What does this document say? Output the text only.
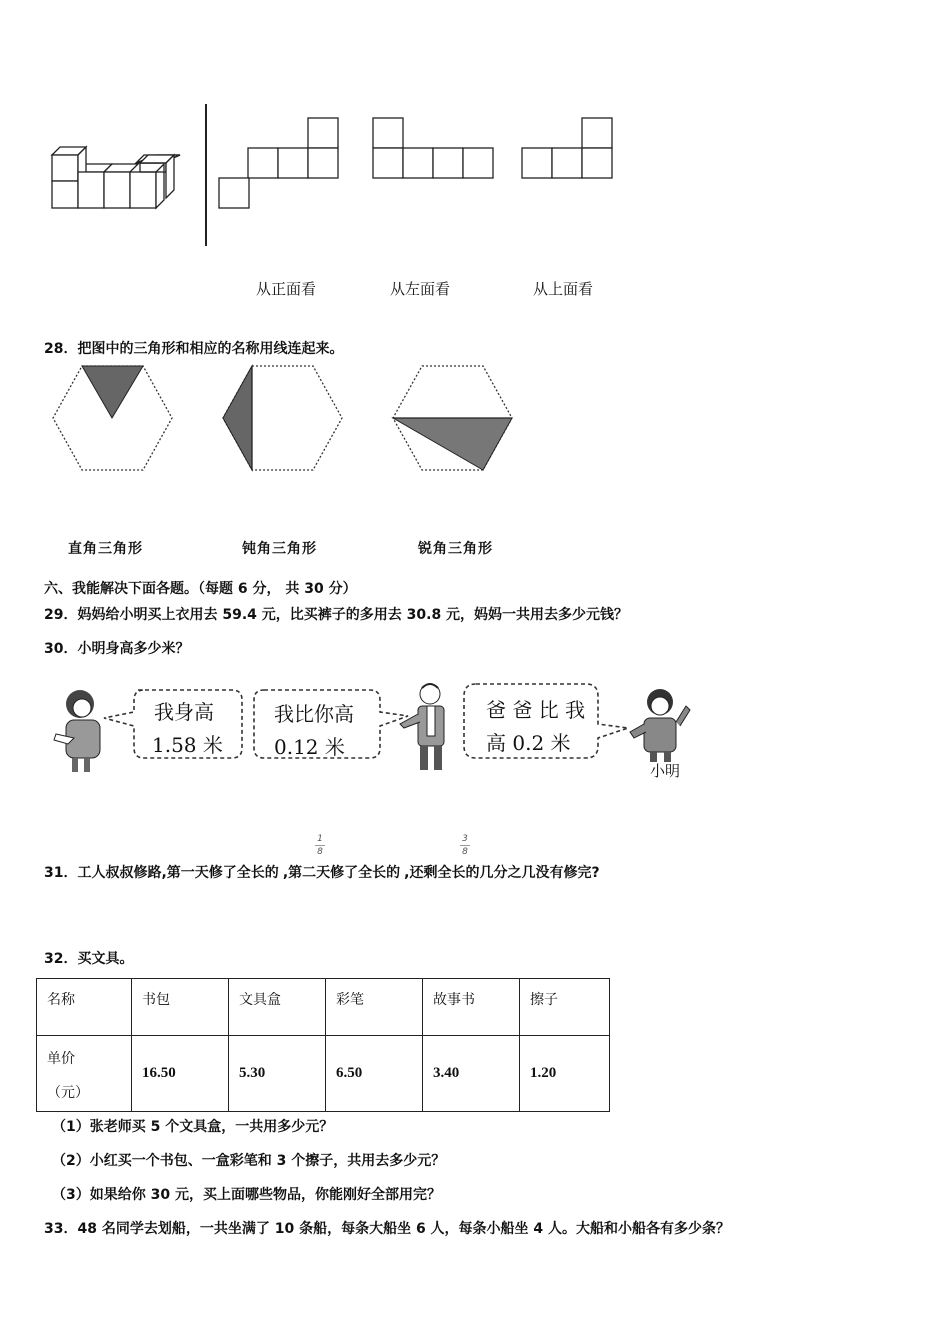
从正面看	从左面看	从上面看
28．把图中的三角形和相应的名称用线连起来。
直角三角形	钝角三角形	锐角三角形
六、我能解决下面各题。（每题 6 分， 共 30 分）
29．妈妈给小明买上衣用去 59.4 元，比买裤子的多用去 30.8 元，妈妈一共用去多少元钱？
30．小明身高多少米？
我身高
1.58 米
我比你高
0.12 米
爸 爸 比 我
高 0.2 米
小明
31．工人叔叔修路,第一天修了全长的 ,第二天修了全长的 ,还剩全长的几分之几没有修完?
1
8
3
8
32．买文具。
名称	书包	文具盒	彩笔	故事书	擦子

单价
（元）	16.50	5.30	6.50	3.40	1.20
（1）张老师买 5 个文具盒，一共用多少元？
（2）小红买一个书包、一盒彩笔和 3 个擦子，共用去多少元？
（3）如果给你 30 元，买上面哪些物品，你能刚好全部用完？
33．48 名同学去划船，一共坐满了 10 条船，每条大船坐 6 人，每条小船坐 4 人。大船和小船各有多少条？
